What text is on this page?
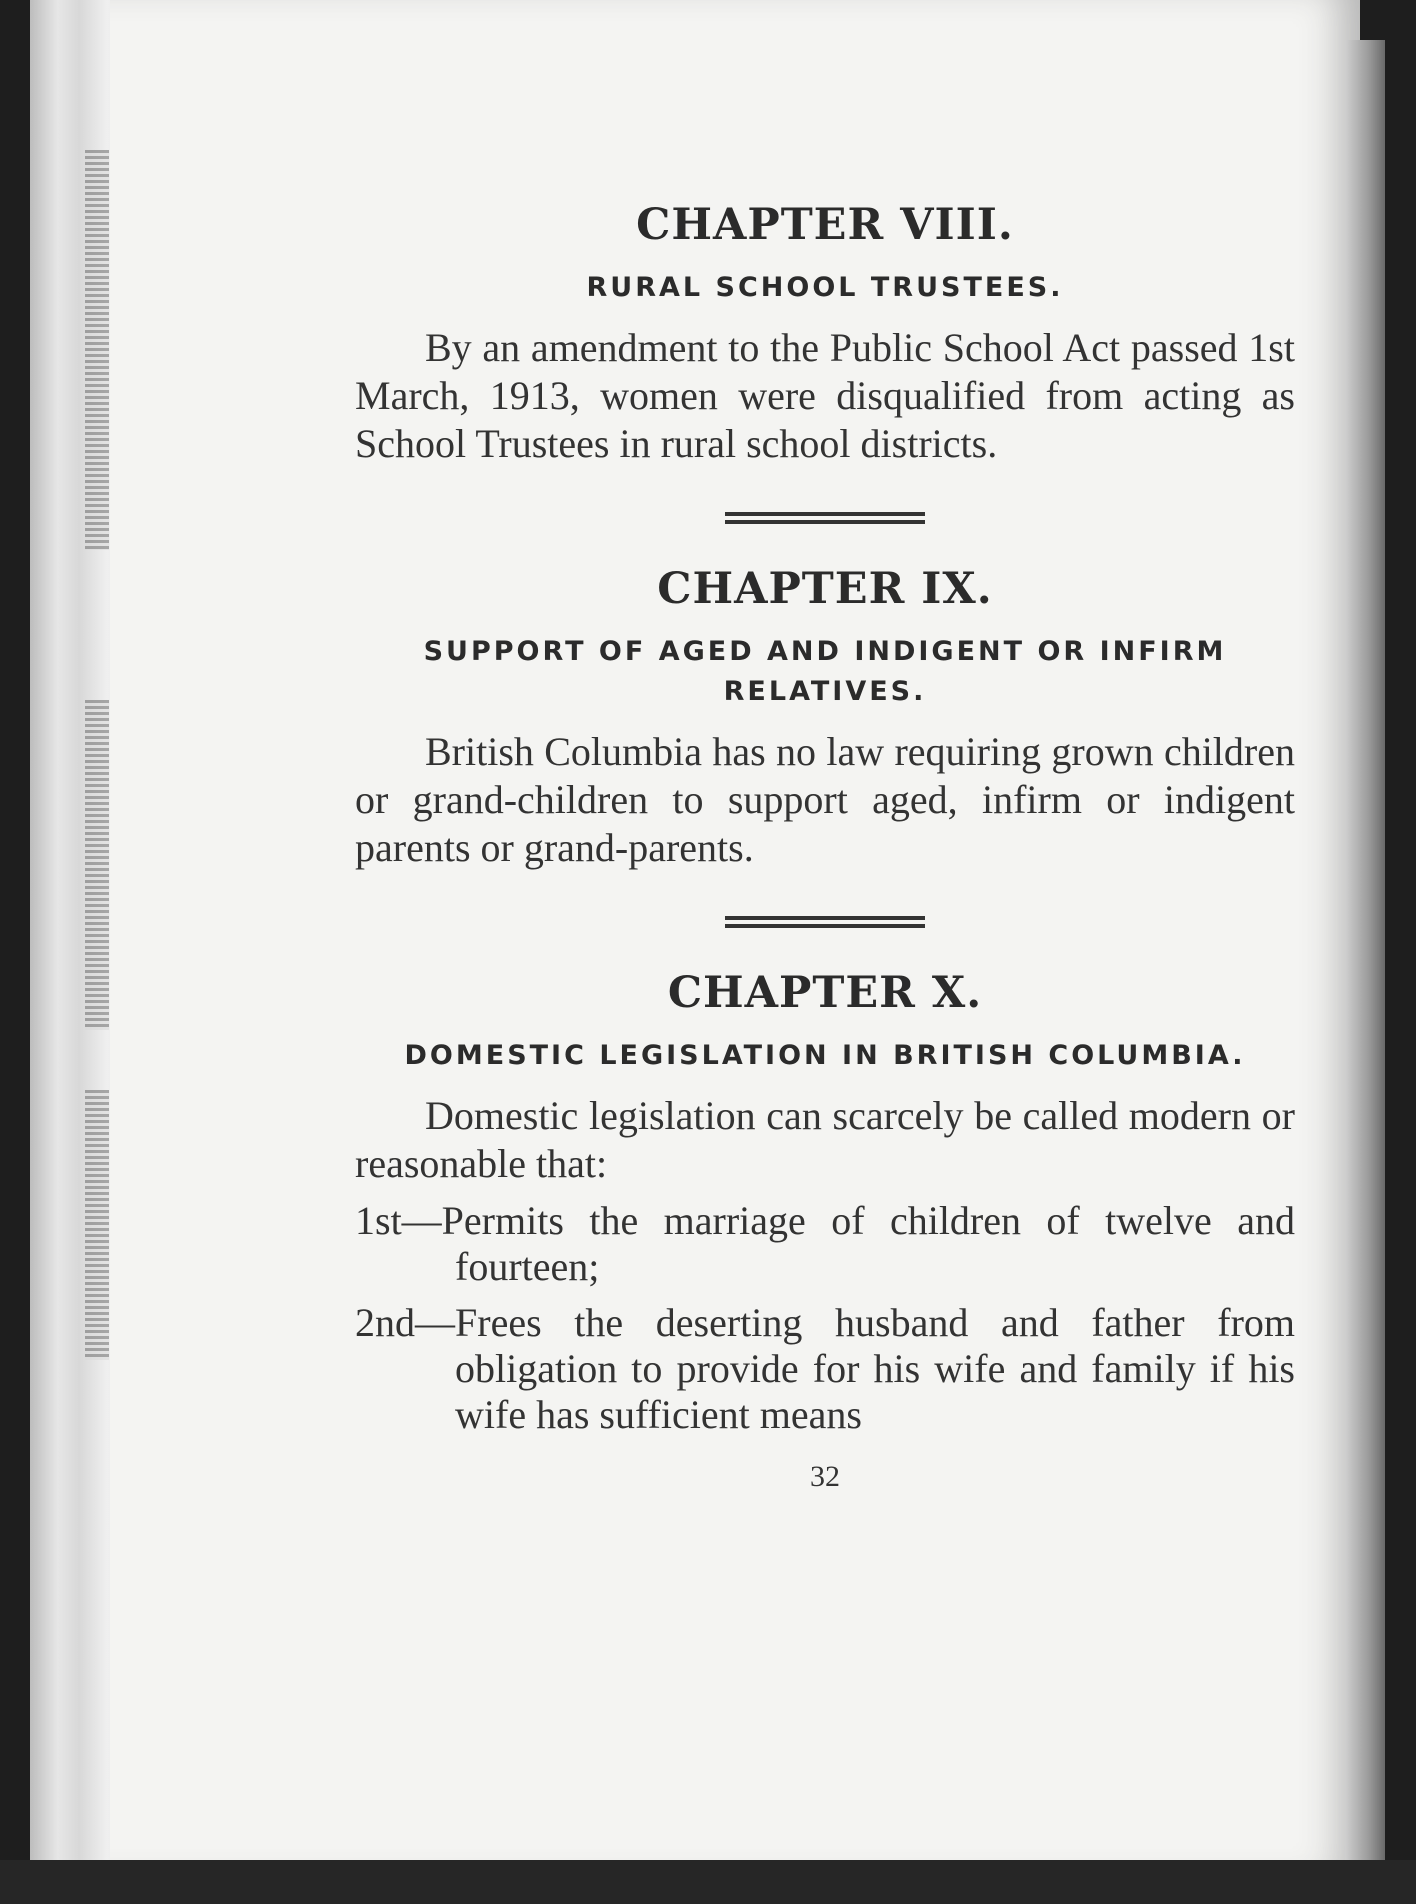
CHAPTER VIII.
RURAL SCHOOL TRUSTEES.

By an amendment to the Public School Act passed 1st March, 1913, women were disqualified from acting as School Trustees in rural school districts.

CHAPTER IX.
SUPPORT OF AGED AND INDIGENT OR INFIRM RELATIVES.

British Columbia has no law requiring grown children or grand-children to support aged, infirm or indigent parents or grand-parents.

CHAPTER X.
DOMESTIC LEGISLATION IN BRITISH COLUMBIA.

Domestic legislation can scarcely be called modern or reasonable that:

1st—Permits the marriage of children of twelve and fourteen;

2nd—Frees the deserting husband and father from obligation to provide for his wife and family if his wife has sufficient means

32
